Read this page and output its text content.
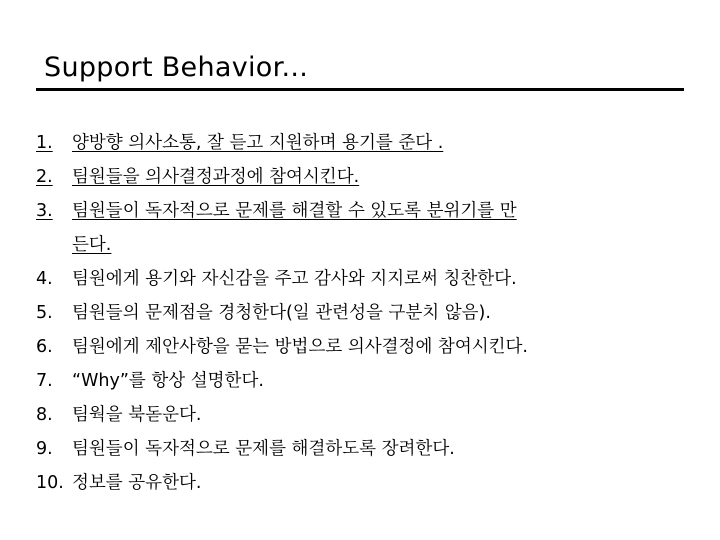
Support Behavior...
1.	양방향 의사소통, 잘 듣고 지원하며 용기를 준다 .
2.	팀원들을 의사결정과정에 참여시킨다.
3.	팀원들이 독자적으로 문제를 해결할 수 있도록 분위기를 만
든다.
4.	팀원에게 용기와 자신감을 주고 감사와 지지로써 칭찬한다.
5.	팀원들의 문제점을 경청한다(일 관련성을 구분치 않음).
6.	팀원에게 제안사항을 묻는 방법으로 의사결정에 참여시킨다.
7.	“Why”를 항상 설명한다.
8.	팀웍을 북돋운다.
9.	팀원들이 독자적으로 문제를 해결하도록 장려한다.
10. 정보를 공유한다.
